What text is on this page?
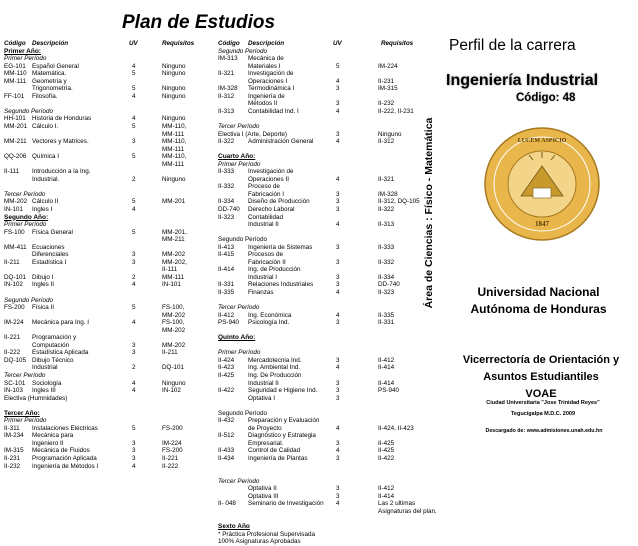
Plan de Estudios
Código Descripción	UV	Requisitos
Primer Año:
Primer Período
EG-101 Español General	4	Ninguno
MM-110 Matemática.	5	Ninguno
MM-111 Geometría y
Trigonometría.	5	Ninguno
FF-101 Filosofía.	4	Ninguno
Segundo Período
HH-101 Historia de Honduras	4	Ninguno
MM-201 Cálculo I.	5	MM-110,
MM-111
MM-211 Vectores y Matrices.	3	MM-110,
MM-111
QQ-206 Química I	5	MM-110,
MM-111
II-111 Introducción a la Ing.
Industrial.	2	Ninguno
Tercer Período
MM-202 Cálculo II	5	MM-201
IN-101 Ingles I	4
Segundo Año:
Primer Período
FS-100 Física General	5	MM-201,
MM-211
MM-411 Ecuaciones
Diferenciales	3	MM-202
II-211 Estadística I	3	MM-202,
II-111
DQ-101 Dibujo I	2	MM-111
IN-102 Ingles II	4	IN-101
Segundo Período
FS-200 Física II	5	FS-100,
MM-202
IM-224 Mecánica para Ing. I	4	FS-100,
MM-202
II-221 Programación y
Computación	3	MM-202
II-222 Estadística Aplicada	3	II-211
DQ-105 Dibujo Técnico
Industrial	2	DQ-101
Tercer Período
SC-101 Sociología	4	Ninguno
IN-103 Ingles III	4	IN-102
Electiva (Humnidades)
Tercer Año:
Primer Período
II-311 Instalaciones Eléctricas	5	FS-200
IM-234 Mecánica para
Ingeniero II	3	IM-224
IM-315 Mecánica de Fluidos	3	FS-200
II-231 Programación Aplicada	3	II-221
II-232 Ingeniería de Métodos I	4	II-222
Código Descripción	UV	Requisitos
Segundo Período
IM-313 Mecánica de
Materiales I	5	IM-224
II-321 Investigación de
Operaciones I	4	II-231
IM-328 Termodinámica I	3	IM-315
II-312 Ingeniería de
Métodos II	3	II-232
II-313 Contabilidad Ind. I	4	II-222, II-231
Tercer Período
Electiva I (Arte, Deporte)	3	Ninguno
II-322 Administración General	4	II-312
Cuarto Año:
Primer Período
II-333 Investigación de
Operaciones II	4	II-321
II-332 Proceso de
Fabricación I	3	IM-328
II-334 Diseño de Producción	3	II-312, DQ-105
DD-740 Derecho Laboral	3	II-322
II-323 Contabilidad
Industrial II	4	II-313
Segundo Período
II-413 Ingeniería de Sistemas	3	II-333
II-415 Procesos de
Fabricación II	3	II-332
II-414 Ing. de Producción
Industrial I	3	II-334
II-331 Relaciones Industriales	3	DD-740
II-335 Finanzas	4	II-323
Tercer Período
II-412 Ing. Económica	4	II-335
PS-940 Psicología Ind.	3	II-331
Quinto Año:
Primer Período
II-424 Mercadotecnia Ind.	3	II-412
II-423 Ing. Ambiental Ind.	4	II-414
II-425 Ing. De Producción
Industrial II	3	II-414
II-422 Seguridad e Higiene Ind.	3	PS-940
Optativa I	3
Segundo Período
II-432 Preparación y Evaluación
de Proyecto	4	II-424, II-423
II-512 Diagnóstico y Estrategia
Empresarial.	3	II-425
II-433 Control de Calidad	4	II-425
II-434 Ingeniería de Plantas	3	II-422
Tercer Período
Optativa II	3	II-412
Optativa III	3	II-414
II- 048 Seminario de Investigación 4	Las 2 ultimas
Asignaturas del plan.
Sexto Año
* Práctica Profesional Supervisada
100% Asignaturas Aprobadas
Perfil de la carrera
Ingeniería Industrial
Código: 48
Área de Ciencias : Físico - Matemática	LUCEM ASPICIO
1847
Universidad Nacional
Autónoma de Honduras
Vicerrectoría de Orientación y
Asuntos Estudiantiles
VOAE
Ciudad Universitaria "Jose Trinidad Reyes"
Tegucigalpa M.D.C. 2009
Descargado de: www.admisiones.unah.edu.hn
